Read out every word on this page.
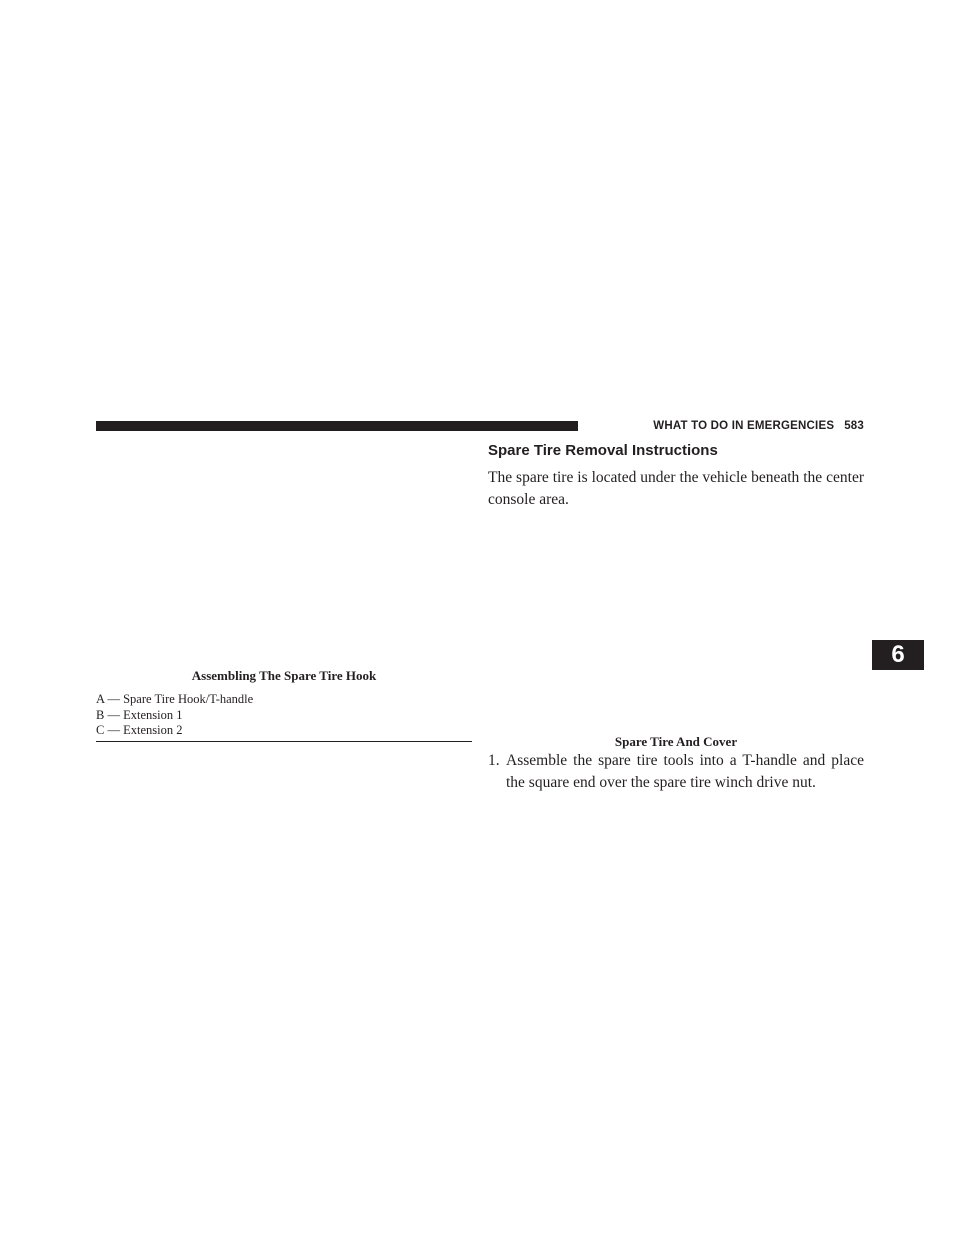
WHAT TO DO IN EMERGENCIES 583
Assembling The Spare Tire Hook
A — Spare Tire Hook/T-handle
B — Extension 1
C — Extension 2
Spare Tire Removal Instructions
The spare tire is located under the vehicle beneath the center console area.
Spare Tire And Cover
1. Assemble the spare tire tools into a T-handle and place the square end over the spare tire winch drive nut.
6
